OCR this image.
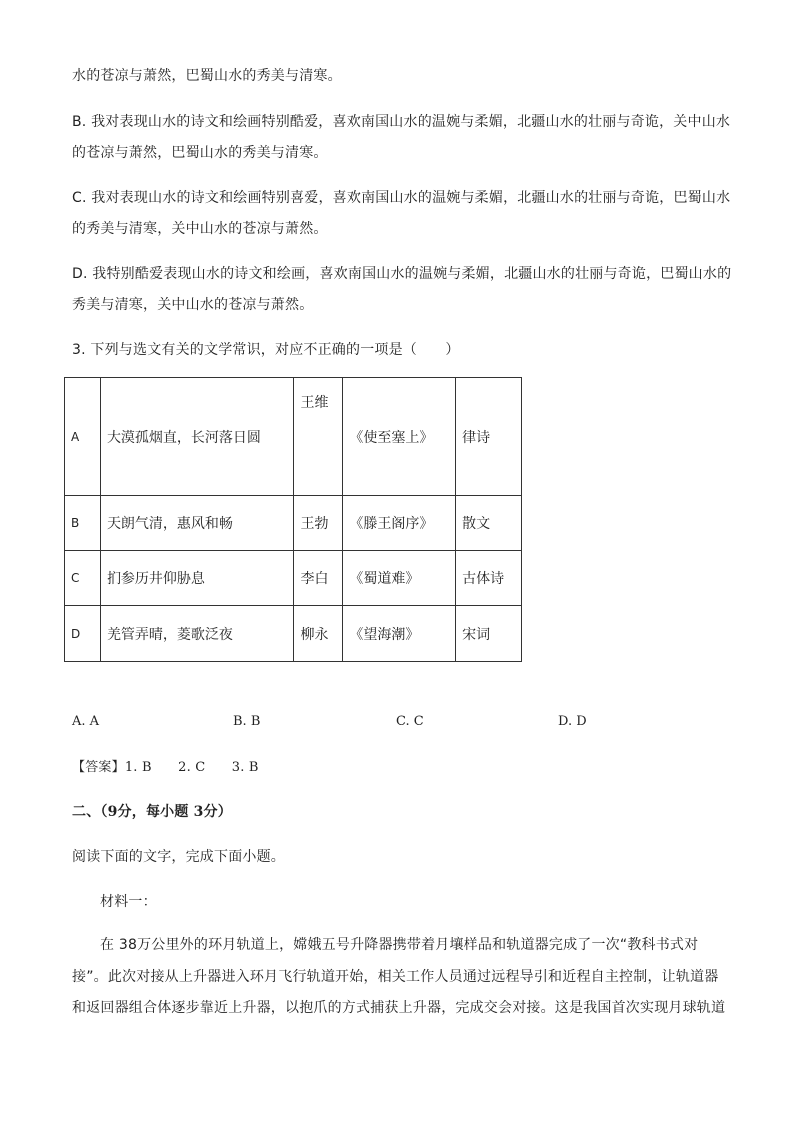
水的苍凉与萧然，巴蜀山水的秀美与清寒。
B. 我对表现山水的诗文和绘画特别酷爱，喜欢南国山水的温婉与柔媚，北疆山水的壮丽与奇诡，关中山水
的苍凉与萧然，巴蜀山水的秀美与清寒。
C. 我对表现山水的诗文和绘画特别喜爱，喜欢南国山水的温婉与柔媚，北疆山水的壮丽与奇诡，巴蜀山水
的秀美与清寒，关中山水的苍凉与萧然。
D. 我特别酷爱表现山水的诗文和绘画，喜欢南国山水的温婉与柔媚，北疆山水的壮丽与奇诡，巴蜀山水的
秀美与清寒，关中山水的苍凉与萧然。
3. 下列与选文有关的文学常识，对应不正确的一项是（　　）
A	大漠孤烟直，长河落日圆	王维	《使至塞上》	律诗
B	天朗气清，惠风和畅	王勃	《滕王阁序》	散文
C	扪参历井仰胁息	李白	《蜀道难》	古体诗
D	羌管弄晴，菱歌泛夜	柳永	《望海潮》	宋词
A. A	B. B	C. C	D. D
【答案】1. B　　2. C　　3. B
二、（9分，每小题 3分）
阅读下面的文字，完成下面小题。
材料一：
在 38万公里外的环月轨道上，嫦娥五号升降器携带着月壤样品和轨道器完成了一次“教科书式对
接”。此次对接从上升器进入环月飞行轨道开始，相关工作人员通过远程导引和近程自主控制，让轨道器
和返回器组合体逐步靠近上升器，以抱爪的方式捕获上升器，完成交会对接。这是我国首次实现月球轨道
